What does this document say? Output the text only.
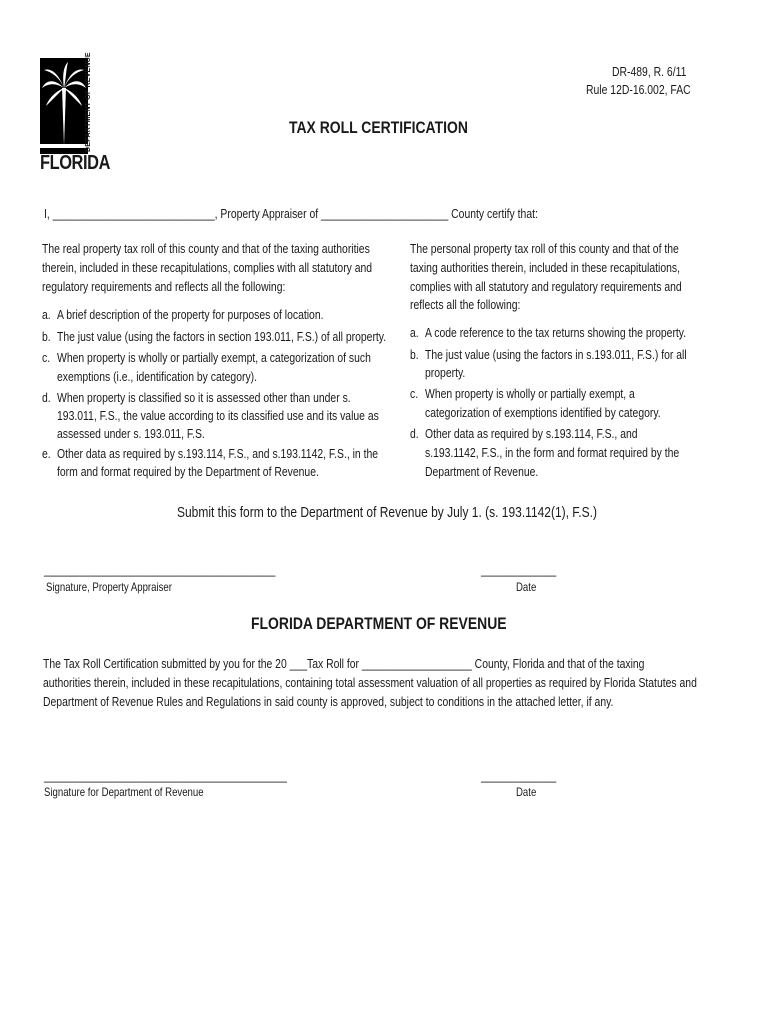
DEPARTMENT OF REVENUE
FLORIDA
DR-489, R. 6/11
Rule 12D-16.002, FAC
TAX ROLL CERTIFICATION
I, ____________________________, Property Appraiser of ______________________ County certify that:
The real property tax roll of this county and that of the taxing authorities
therein, included in these recapitulations, complies with all statutory and
regulatory requirements and reflects all the following:
a. A brief description of the property for purposes of location.
b. The just value (using the factors in section 193.011, F.S.) of all property.
c. When property is wholly or partially exempt, a categorization of such
exemptions (i.e., identification by category).
d. When property is classified so it is assessed other than under s.
193.011, F.S., the value according to its classified use and its value as
assessed under s. 193.011, F.S.
e. Other data as required by s.193.114, F.S., and s.193.1142, F.S., in the
form and format required by the Department of Revenue.
The personal property tax roll of this county and that of the
taxing authorities therein, included in these recapitulations,
complies with all statutory and regulatory requirements and
reflects all the following:
a. A code reference to the tax returns showing the property.
b. The just value (using the factors in s.193.011, F.S.) for all
property.
c. When property is wholly or partially exempt, a
categorization of exemptions identified by category.
d. Other data as required by s.193.114, F.S., and
s.193.1142, F.S., in the form and format required by the
Department of Revenue.
Submit this form to the Department of Revenue by July 1. (s. 193.1142(1), F.S.)
________________________________________
Signature, Property Appraiser
_____________
Date
FLORIDA DEPARTMENT OF REVENUE
The Tax Roll Certification submitted by you for the 20 ___Tax Roll for ___________________ County, Florida and that of the taxing
authorities therein, included in these recapitulations, containing total assessment valuation of all properties as required by Florida Statutes and
Department of Revenue Rules and Regulations in said county is approved, subject to conditions in the attached letter, if any.
__________________________________________
Signature for Department of Revenue
_____________
Date
